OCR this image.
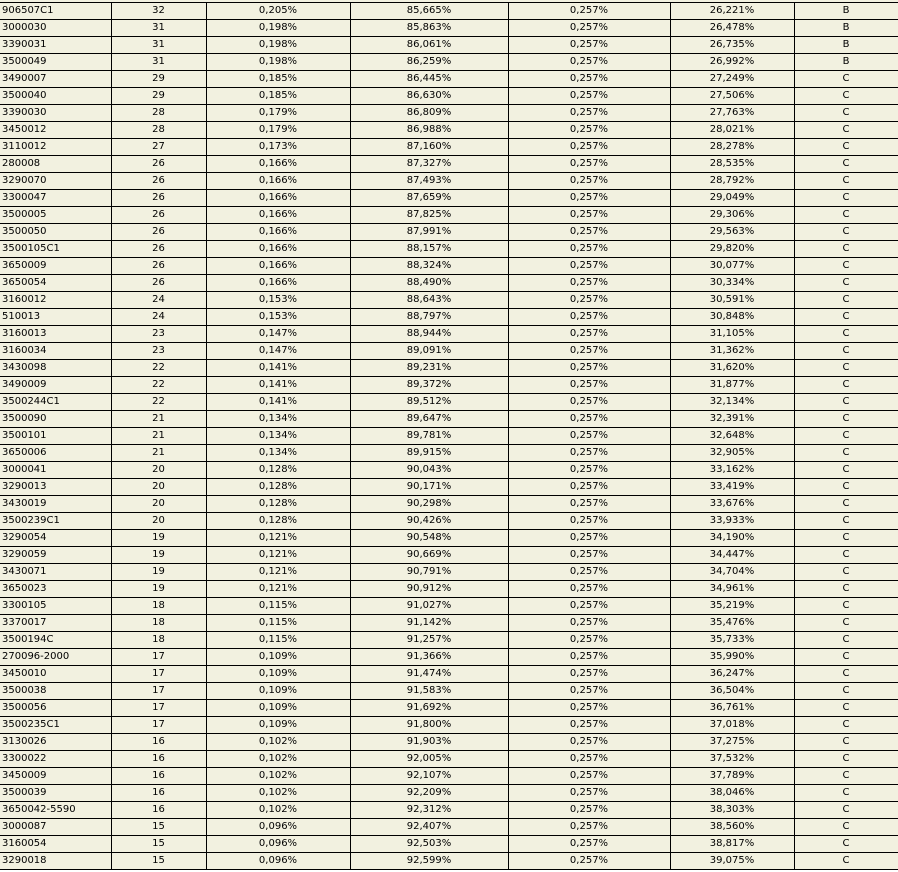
906507C1	32	0,205%	85,665%	0,257%	26,221%	B
3000030	31	0,198%	85,863%	0,257%	26,478%	B
3390031	31	0,198%	86,061%	0,257%	26,735%	B
3500049	31	0,198%	86,259%	0,257%	26,992%	B
3490007	29	0,185%	86,445%	0,257%	27,249%	C
3500040	29	0,185%	86,630%	0,257%	27,506%	C
3390030	28	0,179%	86,809%	0,257%	27,763%	C
3450012	28	0,179%	86,988%	0,257%	28,021%	C
3110012	27	0,173%	87,160%	0,257%	28,278%	C
280008	26	0,166%	87,327%	0,257%	28,535%	C
3290070	26	0,166%	87,493%	0,257%	28,792%	C
3300047	26	0,166%	87,659%	0,257%	29,049%	C
3500005	26	0,166%	87,825%	0,257%	29,306%	C
3500050	26	0,166%	87,991%	0,257%	29,563%	C
3500105C1	26	0,166%	88,157%	0,257%	29,820%	C
3650009	26	0,166%	88,324%	0,257%	30,077%	C
3650054	26	0,166%	88,490%	0,257%	30,334%	C
3160012	24	0,153%	88,643%	0,257%	30,591%	C
510013	24	0,153%	88,797%	0,257%	30,848%	C
3160013	23	0,147%	88,944%	0,257%	31,105%	C
3160034	23	0,147%	89,091%	0,257%	31,362%	C
3430098	22	0,141%	89,231%	0,257%	31,620%	C
3490009	22	0,141%	89,372%	0,257%	31,877%	C
3500244C1	22	0,141%	89,512%	0,257%	32,134%	C
3500090	21	0,134%	89,647%	0,257%	32,391%	C
3500101	21	0,134%	89,781%	0,257%	32,648%	C
3650006	21	0,134%	89,915%	0,257%	32,905%	C
3000041	20	0,128%	90,043%	0,257%	33,162%	C
3290013	20	0,128%	90,171%	0,257%	33,419%	C
3430019	20	0,128%	90,298%	0,257%	33,676%	C
3500239C1	20	0,128%	90,426%	0,257%	33,933%	C
3290054	19	0,121%	90,548%	0,257%	34,190%	C
3290059	19	0,121%	90,669%	0,257%	34,447%	C
3430071	19	0,121%	90,791%	0,257%	34,704%	C
3650023	19	0,121%	90,912%	0,257%	34,961%	C
3300105	18	0,115%	91,027%	0,257%	35,219%	C
3370017	18	0,115%	91,142%	0,257%	35,476%	C
3500194C	18	0,115%	91,257%	0,257%	35,733%	C
270096-2000	17	0,109%	91,366%	0,257%	35,990%	C
3450010	17	0,109%	91,474%	0,257%	36,247%	C
3500038	17	0,109%	91,583%	0,257%	36,504%	C
3500056	17	0,109%	91,692%	0,257%	36,761%	C
3500235C1	17	0,109%	91,800%	0,257%	37,018%	C
3130026	16	0,102%	91,903%	0,257%	37,275%	C
3300022	16	0,102%	92,005%	0,257%	37,532%	C
3450009	16	0,102%	92,107%	0,257%	37,789%	C
3500039	16	0,102%	92,209%	0,257%	38,046%	C
3650042-5590	16	0,102%	92,312%	0,257%	38,303%	C
3000087	15	0,096%	92,407%	0,257%	38,560%	C
3160054	15	0,096%	92,503%	0,257%	38,817%	C
3290018	15	0,096%	92,599%	0,257%	39,075%	C
